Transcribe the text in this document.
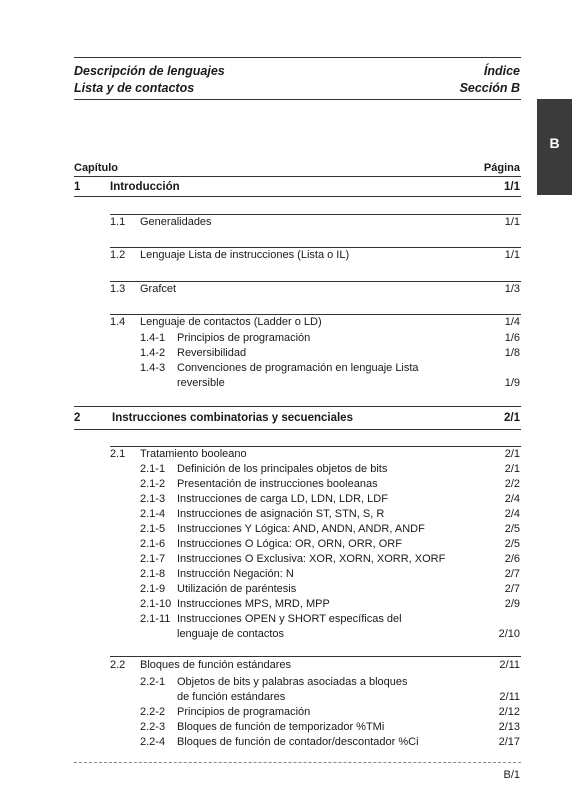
Descripción de lenguajes
Lista y de contactos
Índice
Sección B
B
Capítulo	Página
1	Introducción	1/1
1.1 Generalidades	1/1
1.2 Lenguaje Lista de instrucciones (Lista o IL)	1/1
1.3 Grafcet	1/3
1.4 Lenguaje de contactos (Ladder o LD)	1/4
1.4-1 Principios de programación	1/6
1.4-2 Reversibilidad	1/8
1.4-3 Convenciones de programación en lenguaje Lista
reversible	1/9
2	Instrucciones combinatorias y secuenciales	2/1
2.1 Tratamiento booleano	2/1
2.1-1 Definición de los principales objetos de bits	2/1
2.1-2 Presentación de instrucciones booleanas	2/2
2.1-3 Instrucciones de carga LD, LDN, LDR, LDF	2/4
2.1-4 Instrucciones de asignación ST, STN, S, R	2/4
2.1-5 Instrucciones Y Lógica: AND, ANDN, ANDR, ANDF	2/5
2.1-6 Instrucciones O Lógica: OR, ORN, ORR, ORF	2/5
2.1-7 Instrucciones O Exclusiva: XOR, XORN, XORR, XORF	2/6
2.1-8 Instrucción Negación: N	2/7
2.1-9 Utilización de paréntesis	2/7
2.1-10 Instrucciones MPS, MRD, MPP	2/9
2.1-11 Instrucciones OPEN y SHORT específicas del
lenguaje de contactos	2/10
2.2 Bloques de función estándares	2/11
2.2-1 Objetos de bits y palabras asociadas a bloques
de función estándares	2/11
2.2-2 Principios de programación	2/12
2.2-3 Bloques de función de temporizador %TMi	2/13
2.2-4 Bloques de función de contador/descontador %Ci	2/17
B/1
